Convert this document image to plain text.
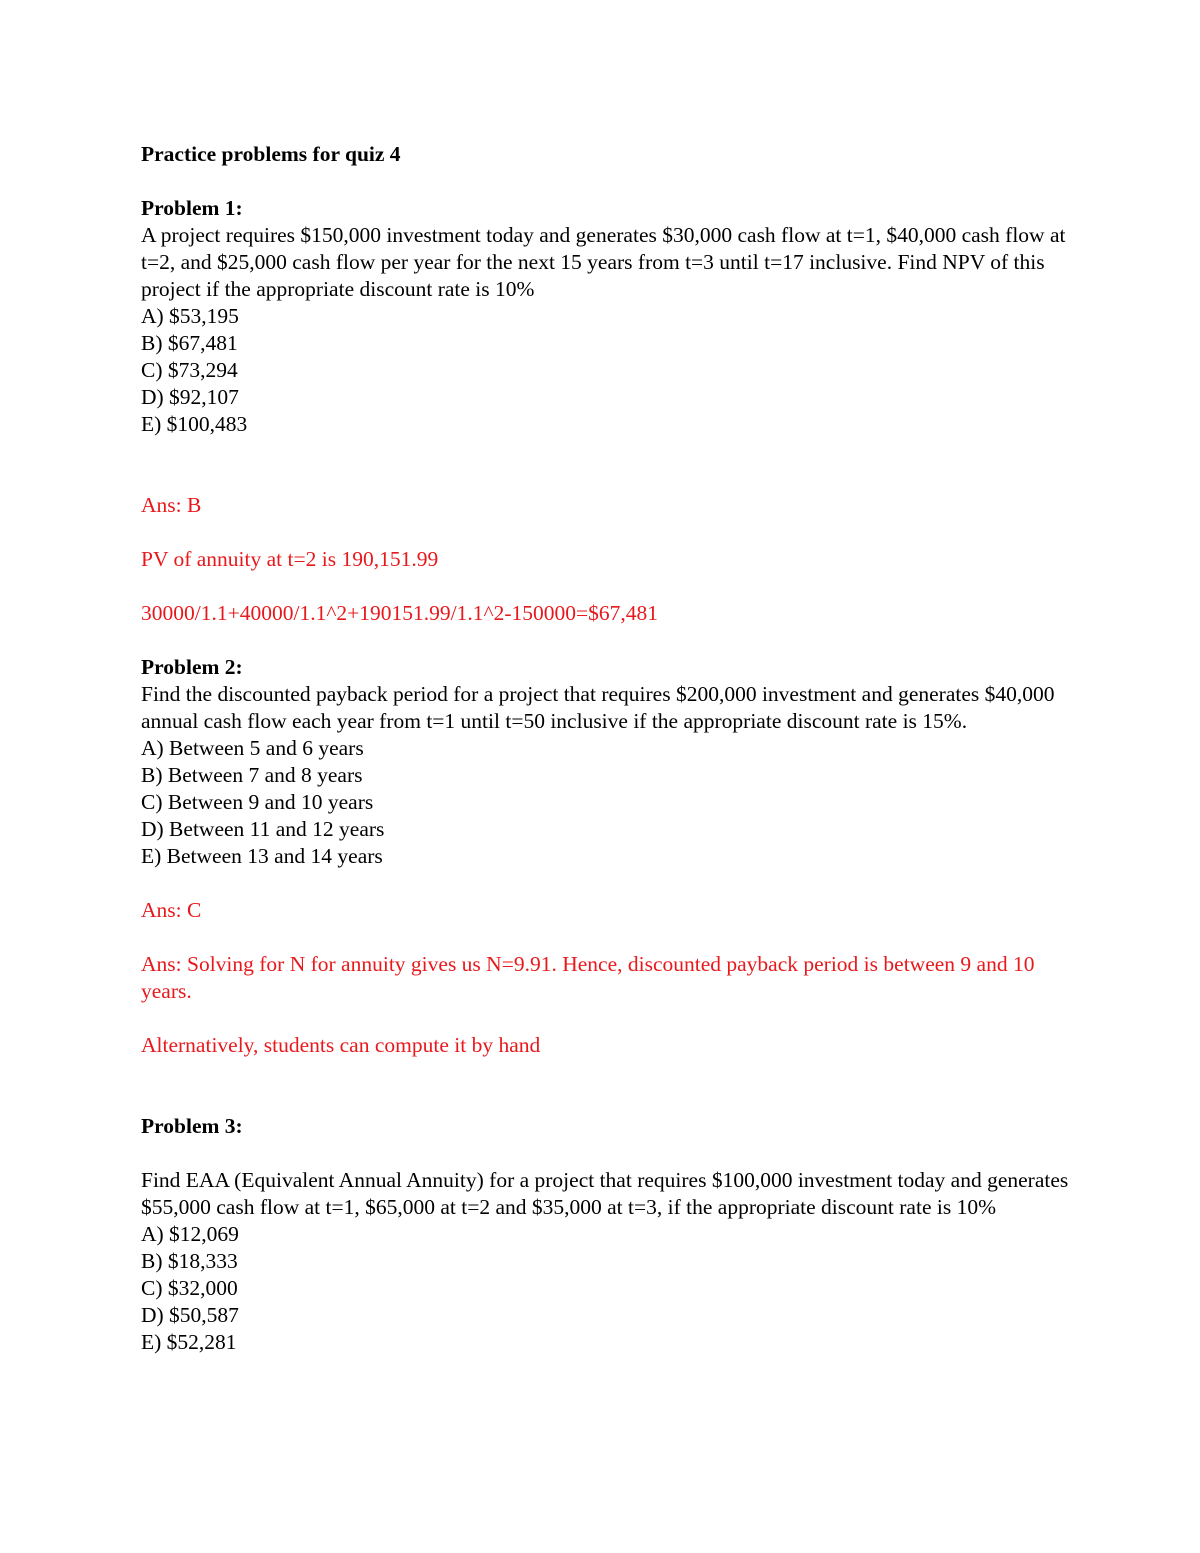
Practice problems for quiz 4

Problem 1:

A project requires $150,000 investment today and generates $30,000 cash flow at t=1, $40,000 cash flow at t=2, and $25,000 cash flow per year for the next 15 years from t=3 until t=17 inclusive. Find NPV of this project if the appropriate discount rate is 10%

A) $53,195

B) $67,481

C) $73,294

D) $92,107

E) $100,483

Ans: B

PV of annuity at t=2 is 190,151.99

30000/1.1+40000/1.1^2+190151.99/1.1^2-150000=$67,481

Problem 2:

Find the discounted payback period for a project that requires $200,000 investment and generates $40,000 annual cash flow each year from t=1 until t=50 inclusive if the appropriate discount rate is 15%.

A) Between 5 and 6 years

B) Between 7 and 8 years

C) Between 9 and 10 years

D) Between 11 and 12 years

E) Between 13 and 14 years

Ans: C

Ans: Solving for N for annuity gives us N=9.91. Hence, discounted payback period is between 9 and 10 years.

Alternatively, students can compute it by hand

Problem 3:

Find EAA (Equivalent Annual Annuity) for a project that requires $100,000 investment today and generates $55,000 cash flow at t=1, $65,000 at t=2 and $35,000 at t=3, if the appropriate discount rate is 10%

A) $12,069

B) $18,333

C) $32,000

D) $50,587

E) $52,281
